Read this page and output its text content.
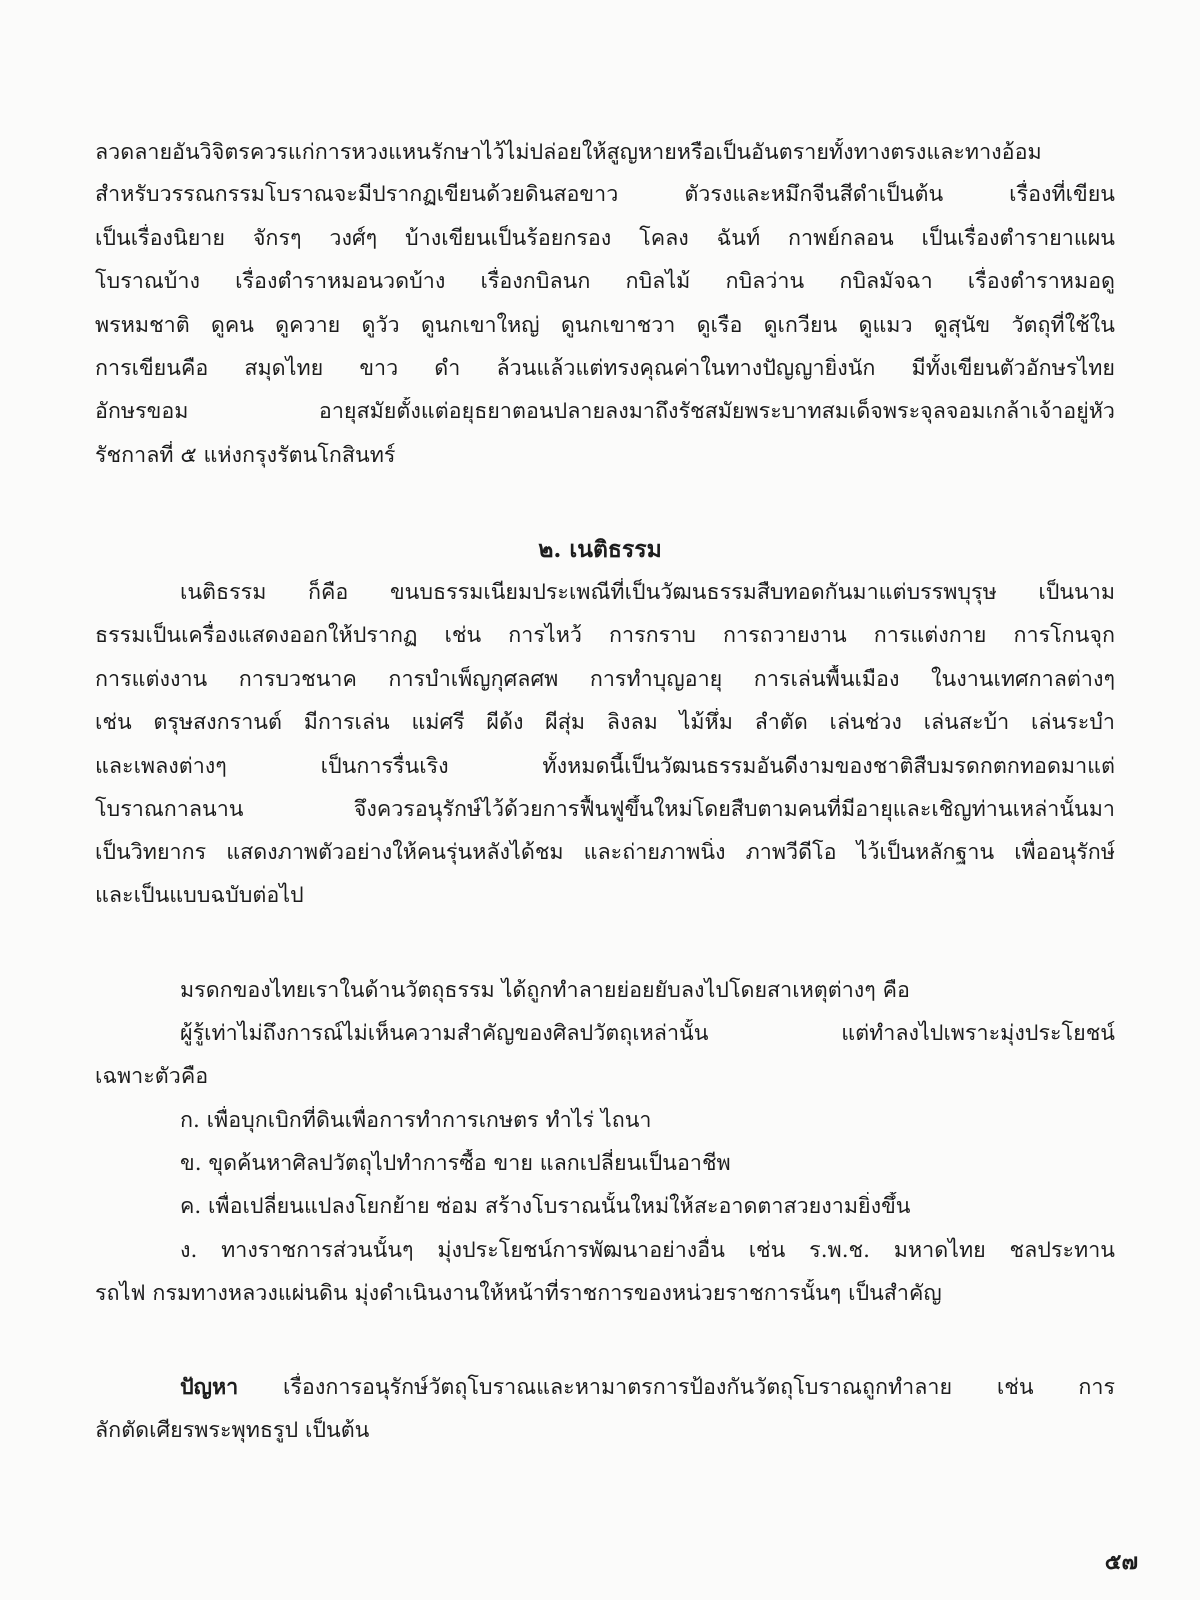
ลวดลายอันวิจิตรควรแก่การหวงแหนรักษาไว้ไม่ปล่อยให้สูญหายหรือเป็นอันตรายทั้งทางตรงและทางอ้อม
สำหรับวรรณกรรมโบราณจะมีปรากฏเขียนด้วยดินสอขาว ตัวรงและหมึกจีนสีดำเป็นต้น เรื่องที่เขียน
เป็นเรื่องนิยาย จักรๆ วงศ์ๆ บ้างเขียนเป็นร้อยกรอง โคลง ฉันท์ กาพย์กลอน เป็นเรื่องตำรายาแผน
โบราณบ้าง เรื่องตำราหมอนวดบ้าง เรื่องกบิลนก กบิลไม้ กบิลว่าน กบิลมัจฉา เรื่องตำราหมอดู
พรหมชาติ ดูคน ดูควาย ดูวัว ดูนกเขาใหญ่ ดูนกเขาชวา ดูเรือ ดูเกวียน ดูแมว ดูสุนัข วัตถุที่ใช้ใน
การเขียนคือ สมุดไทย ขาว ดำ ล้วนแล้วแต่ทรงคุณค่าในทางปัญญายิ่งนัก มีทั้งเขียนตัวอักษรไทย
อักษรขอม อายุสมัยตั้งแต่อยุธยาตอนปลายลงมาถึงรัชสมัยพระบาทสมเด็จพระจุลจอมเกล้าเจ้าอยู่หัว
รัชกาลที่ ๕ แห่งกรุงรัตนโกสินทร์
๒. เนติธรรม
เนติธรรม ก็คือ ขนบธรรมเนียมประเพณีที่เป็นวัฒนธรรมสืบทอดกันมาแต่บรรพบุรุษ เป็นนาม
ธรรมเป็นเครื่องแสดงออกให้ปรากฏ เช่น การไหว้ การกราบ การถวายงาน การแต่งกาย การโกนจุก
การแต่งงาน การบวชนาค การบำเพ็ญกุศลศพ การทำบุญอายุ การเล่นพื้นเมือง ในงานเทศกาลต่างๆ
เช่น ตรุษสงกรานต์ มีการเล่น แม่ศรี ผีด้ง ผีสุ่ม ลิงลม ไม้หึ่ม ลำตัด เล่นช่วง เล่นสะบ้า เล่นระบำ
และเพลงต่างๆ เป็นการรื่นเริง ทั้งหมดนี้เป็นวัฒนธรรมอันดีงามของชาติสืบมรดกตกทอดมาแต่
โบราณกาลนาน จึงควรอนุรักษ์ไว้ด้วยการฟื้นฟูขึ้นใหม่โดยสืบตามคนที่มีอายุและเชิญท่านเหล่านั้นมา
เป็นวิทยากร แสดงภาพตัวอย่างให้คนรุ่นหลังได้ชม และถ่ายภาพนิ่ง ภาพวีดีโอ ไว้เป็นหลักฐาน เพื่ออนุรักษ์
และเป็นแบบฉบับต่อไป
มรดกของไทยเราในด้านวัตถุธรรม ได้ถูกทำลายย่อยยับลงไปโดยสาเหตุต่างๆ คือ
ผู้รู้เท่าไม่ถึงการณ์ไม่เห็นความสำคัญของศิลปวัตถุเหล่านั้น แต่ทำลงไปเพราะมุ่งประโยชน์
เฉพาะตัวคือ
ก. เพื่อบุกเบิกที่ดินเพื่อการทำการเกษตร ทำไร่ ไถนา
ข. ขุดค้นหาศิลปวัตถุไปทำการซื้อ ขาย แลกเปลี่ยนเป็นอาชีพ
ค. เพื่อเปลี่ยนแปลงโยกย้าย ซ่อม สร้างโบราณนั้นใหม่ให้สะอาดตาสวยงามยิ่งขึ้น
ง. ทางราชการส่วนนั้นๆ มุ่งประโยชน์การพัฒนาอย่างอื่น เช่น ร.พ.ช. มหาดไทย ชลประทาน
รถไฟ กรมทางหลวงแผ่นดิน มุ่งดำเนินงานให้หน้าที่ราชการของหน่วยราชการนั้นๆ เป็นสำคัญ
ปัญหา เรื่องการอนุรักษ์วัตถุโบราณและหามาตรการป้องกันวัตถุโบราณถูกทำลาย เช่น การ
ลักตัดเศียรพระพุทธรูป เป็นต้น
๕๗
